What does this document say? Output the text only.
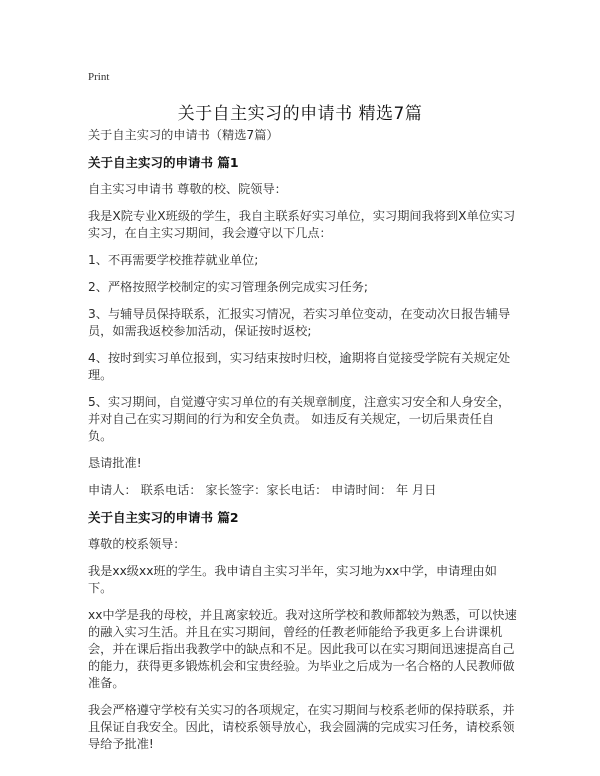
Print
关于自主实习的申请书 精选7篇

关于自主实习的申请书（精选7篇）

关于自主实习的申请书 篇1

自主实习申请书 尊敬的校、院领导：

我是X院专业X班级的学生，我自主联系好实习单位，实习期间我将到X单位实习实习，在自主实习期间，我会遵守以下几点：

1、不再需要学校推荐就业单位;

2、严格按照学校制定的实习管理条例完成实习任务;

3、与辅导员保持联系，汇报实习情况，若实习单位变动，在变动次日报告辅导员，如需我返校参加活动，保证按时返校;

4、按时到实习单位报到，实习结束按时归校，逾期将自觉接受学院有关规定处理。

5、实习期间，自觉遵守实习单位的有关规章制度，注意实习安全和人身安全，并对自己在实习期间的行为和安全负责。 如违反有关规定，一切后果责任自负。

恳请批准!

申请人： 联系电话： 家长签字：家长电话： 申请时间： 年 月日

关于自主实习的申请书 篇2

尊敬的校系领导：

我是xx级xx班的学生。我申请自主实习半年，实习地为xx中学，申请理由如下。

xx中学是我的母校，并且离家较近。我对这所学校和教师都较为熟悉，可以快速的融入实习生活。并且在实习期间，曾经的任教老师能给予我更多上台讲课机会，并在课后指出我教学中的缺点和不足。因此我可以在实习期间迅速提高自己的能力，获得更多锻炼机会和宝贵经验。为毕业之后成为一名合格的人民教师做准备。

我会严格遵守学校有关实习的各项规定，在实习期间与校系老师的保持联系，并且保证自我安全。因此，请校系领导放心，我会圆满的完成实习任务，请校系领导给予批准!
